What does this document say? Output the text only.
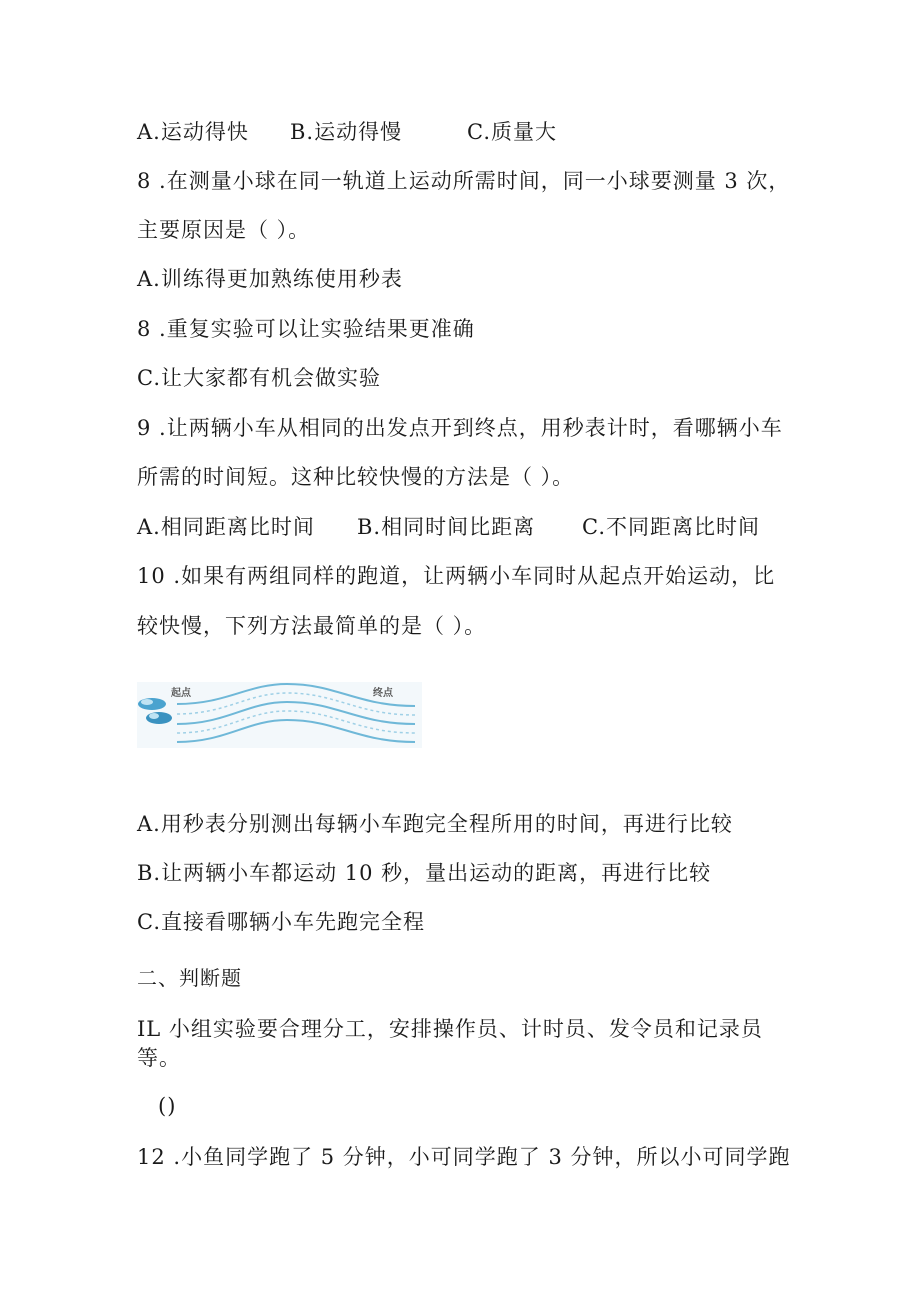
A.运动得快 B.运动得慢	C.质量大
8 .在测量小球在同一轨道上运动所需时间，同一小球要测量 3 次，
主要原因是（ ）。
A.训练得更加熟练使用秒表
8 .重复实验可以让实验结果更准确
C.让大家都有机会做实验
9 .让两辆小车从相同的出发点开到终点，用秒表计时，看哪辆小车
所需的时间短。这种比较快慢的方法是（ ）。
A.相同距离比时间 B.相同时间比距离 C.不同距离比时间
10 .如果有两组同样的跑道，让两辆小车同时从起点开始运动，比
较快慢，下列方法最简单的是（ ）。
起点	终点
A.用秒表分别测出每辆小车跑完全程所用的时间，再进行比较
B.让两辆小车都运动 10 秒，量出运动的距离，再进行比较
C.直接看哪辆小车先跑完全程
二、判断题
IL 小组实验要合理分工，安排操作员、计时员、发令员和记录员
等。
()
12 .小鱼同学跑了 5 分钟，小可同学跑了 3 分钟，所以小可同学跑
